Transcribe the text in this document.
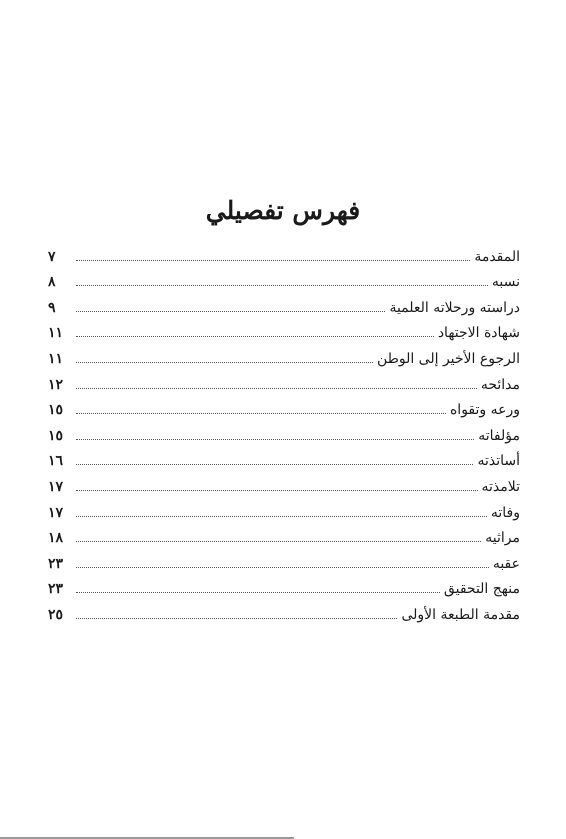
فهرس تفصيلي
المقدمة
٧
نسبه
٨
دراسته ورحلاته العلمية
٩
شهادة الاجتهاد
١١
الرجوع الأخير إلى الوطن
١١
مدائحه
١٢
ورعه وتقواه
١٥
مؤلفاته
١٥
أساتذته
١٦
تلامذته
١٧
وفاته
١٧
مراثيه
١٨
عقبه
٢٣
منهج التحقيق
٢٣
مقدمة الطبعة الأولى
٢٥
